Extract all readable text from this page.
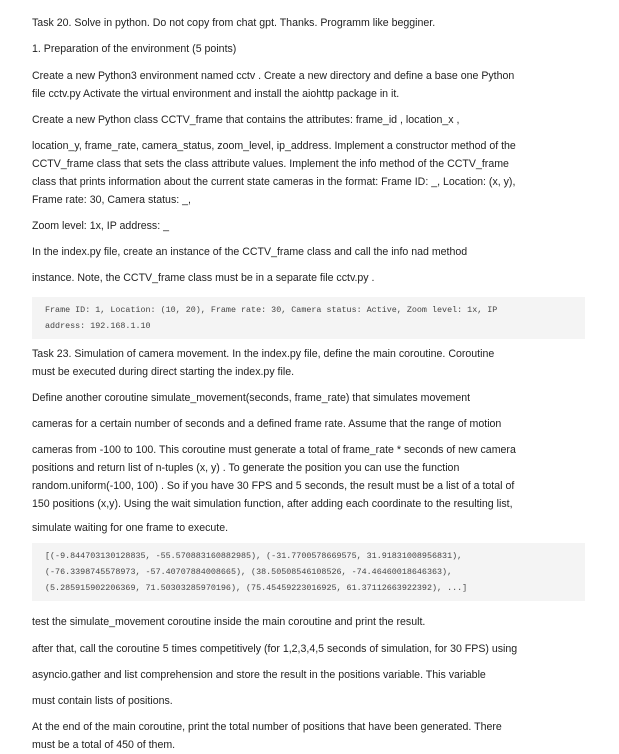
Task 20. Solve in python. Do not copy from chat gpt. Thanks. Programm like begginer.
1. Preparation of the environment (5 points)
Create a new Python3 environment named cctv . Create a new directory and define a base one Python
file cctv.py Activate the virtual environment and install the aiohttp package in it.
Create a new Python class CCTV_frame that contains the attributes: frame_id , location_x ,
location_y, frame_rate, camera_status, zoom_level, ip_address. Implement a constructor method of the
CCTV_frame class that sets the class attribute values. Implement the info method of the CCTV_frame
class that prints information about the current state cameras in the format: Frame ID: _, Location: (x, y),
Frame rate: 30, Camera status: _,
Zoom level: 1x, IP address: _
In the index.py file, create an instance of the CCTV_frame class and call the info nad method
instance. Note, the CCTV_frame class must be in a separate file cctv.py .
Frame ID: 1, Location: (10, 20), Frame rate: 30, Camera status: Active, Zoom level: 1x, IP
address: 192.168.1.10
Task 23. Simulation of camera movement. In the index.py file, define the main coroutine. Coroutine
must be executed during direct starting the index.py file.
Define another coroutine simulate_movement(seconds, frame_rate) that simulates movement
cameras for a certain number of seconds and a defined frame rate. Assume that the range of motion
cameras from -100 to 100. This coroutine must generate a total of frame_rate * seconds of new camera
positions and return list of n-tuples (x, y) . To generate the position you can use the function
random.uniform(-100, 100) . So if you have 30 FPS and 5 seconds, the result must be a list of a total of
150 positions (x,y). Using the wait simulation function, after adding each coordinate to the resulting list,
simulate waiting for one frame to execute.
[(-9.844703130128835, -55.570883160882985), (-31.7700578669575, 31.91831008956831),
(-76.3398745578973, -57.40707884008665), (38.50508546108526, -74.46460018646363),
(5.285915902206369, 71.50303285970196), (75.45459223016925, 61.37112663922392), ...]
test the simulate_movement coroutine inside the main coroutine and print the result.
after that, call the coroutine 5 times competitively (for 1,2,3,4,5 seconds of simulation, for 30 FPS) using
asyncio.gather and list comprehension and store the result in the positions variable. This variable
must contain lists of positions.
At the end of the main coroutine, print the total number of positions that have been generated. There
must be a total of 450 of them.
